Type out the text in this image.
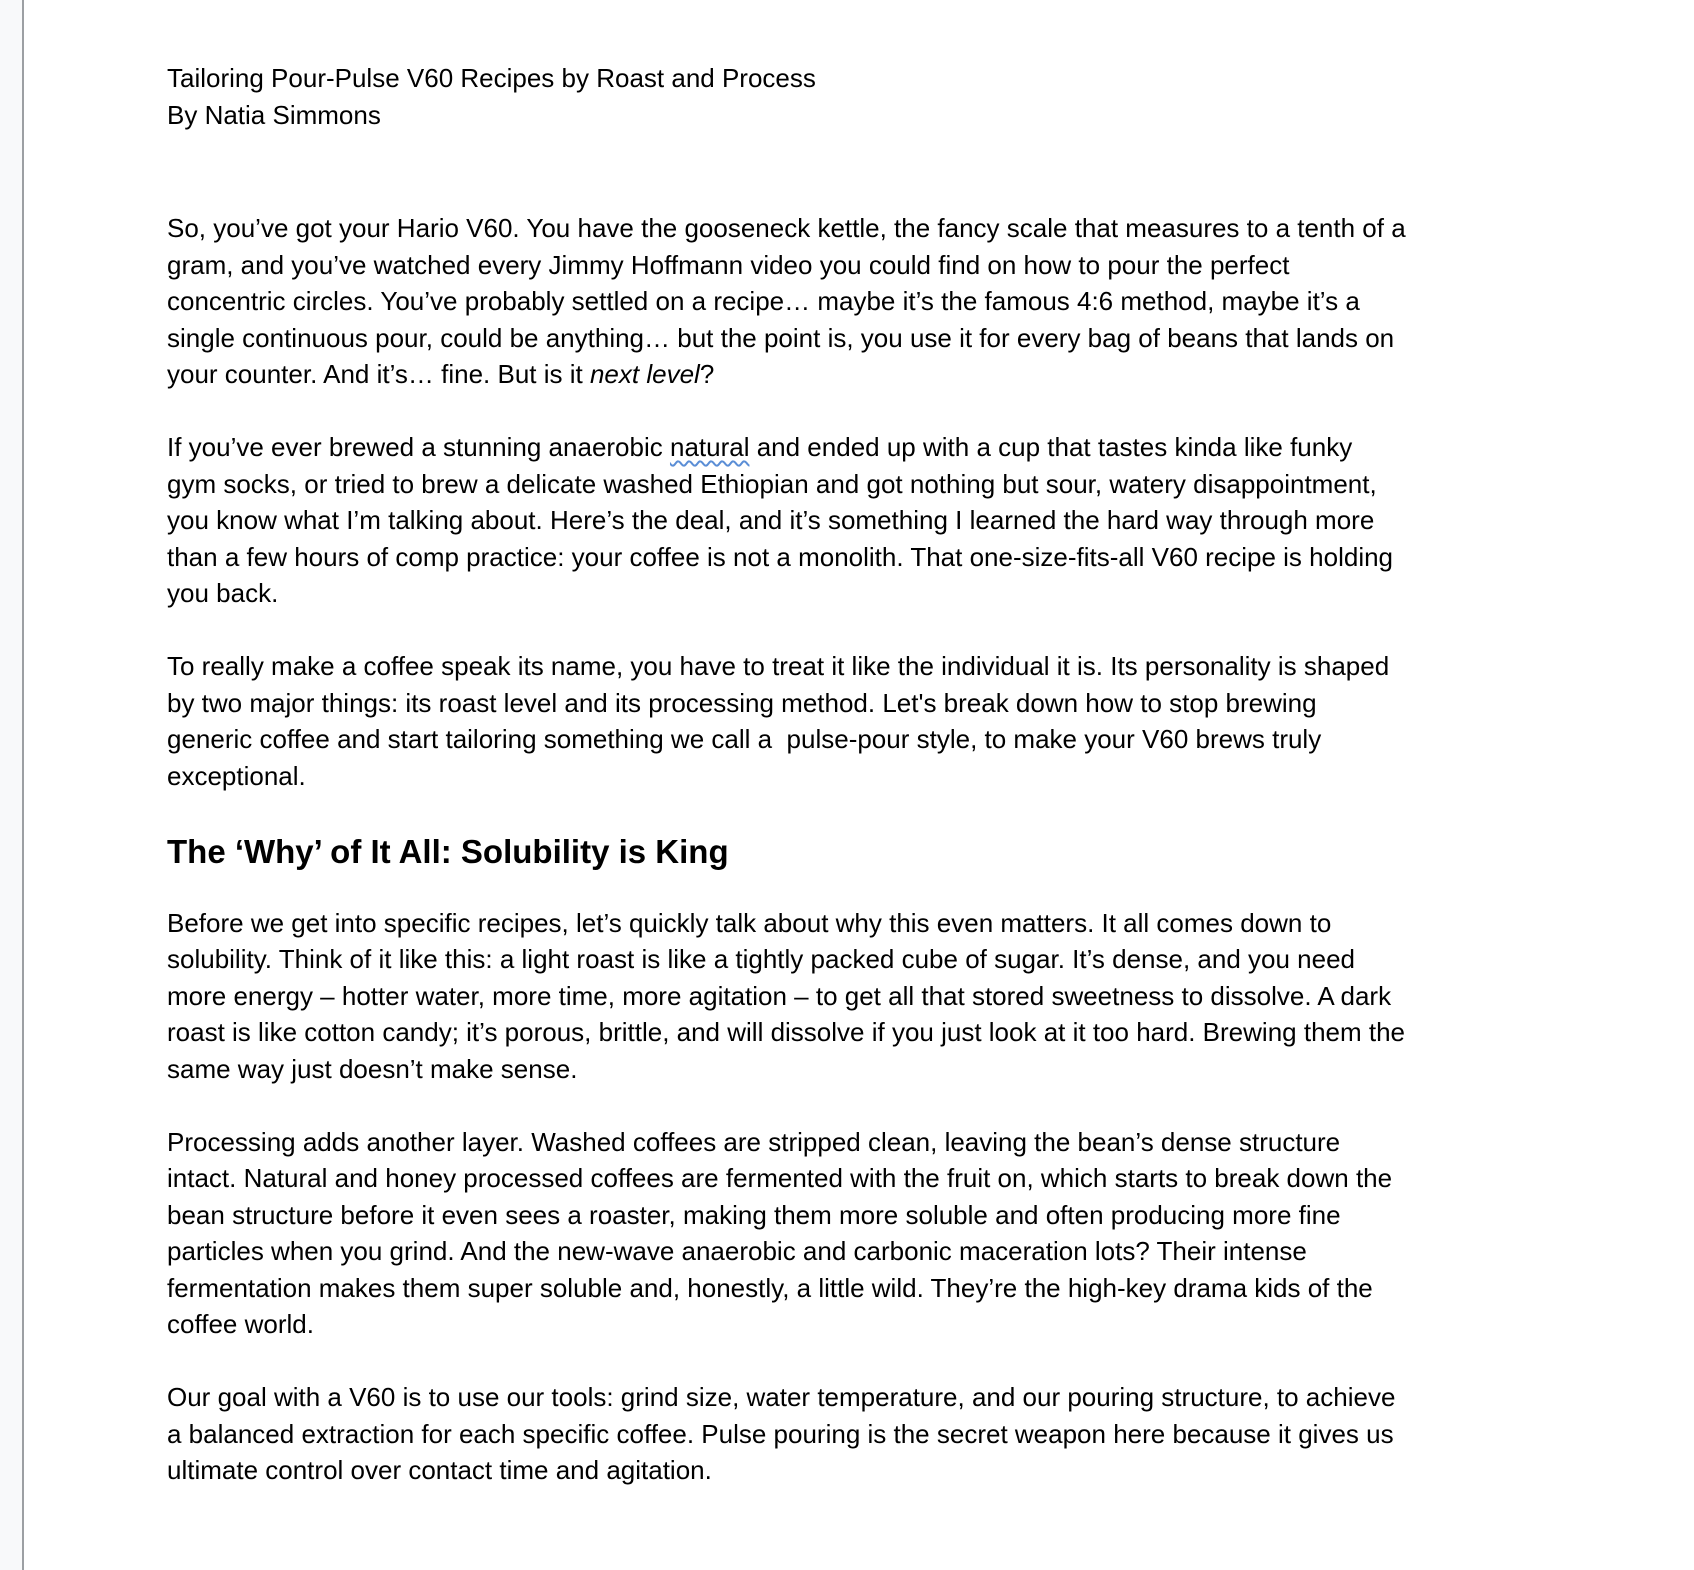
Tailoring Pour-Pulse V60 Recipes by Roast and Process

By Natia Simmons

So, you’ve got your Hario V60. You have the gooseneck kettle, the fancy scale that measures to a tenth of a gram, and you’ve watched every Jimmy Hoffmann video you could find on how to pour the perfect concentric circles. You’ve probably settled on a recipe… maybe it’s the famous 4:6 method, maybe it’s a single continuous pour, could be anything… but the point is, you use it for every bag of beans that lands on your counter. And it’s… fine. But is it next level?

If you’ve ever brewed a stunning anaerobic natural and ended up with a cup that tastes kinda like funky gym socks, or tried to brew a delicate washed Ethiopian and got nothing but sour, watery disappointment, you know what I’m talking about. Here’s the deal, and it’s something I learned the hard way through more than a few hours of comp practice: your coffee is not a monolith. That one-size-fits-all V60 recipe is holding you back.

To really make a coffee speak its name, you have to treat it like the individual it is. Its personality is shaped by two major things: its roast level and its processing method. Let's break down how to stop brewing generic coffee and start tailoring something we call a  pulse-pour style, to make your V60 brews truly exceptional.

The ‘Why’ of It All: Solubility is King

Before we get into specific recipes, let’s quickly talk about why this even matters. It all comes down to solubility. Think of it like this: a light roast is like a tightly packed cube of sugar. It’s dense, and you need more energy – hotter water, more time, more agitation – to get all that stored sweetness to dissolve. A dark roast is like cotton candy; it’s porous, brittle, and will dissolve if you just look at it too hard. Brewing them the same way just doesn’t make sense.

Processing adds another layer. Washed coffees are stripped clean, leaving the bean’s dense structure intact. Natural and honey processed coffees are fermented with the fruit on, which starts to break down the bean structure before it even sees a roaster, making them more soluble and often producing more fine particles when you grind. And the new-wave anaerobic and carbonic maceration lots? Their intense fermentation makes them super soluble and, honestly, a little wild. They’re the high-key drama kids of the coffee world.

Our goal with a V60 is to use our tools: grind size, water temperature, and our pouring structure, to achieve a balanced extraction for each specific coffee. Pulse pouring is the secret weapon here because it gives us ultimate control over contact time and agitation.
